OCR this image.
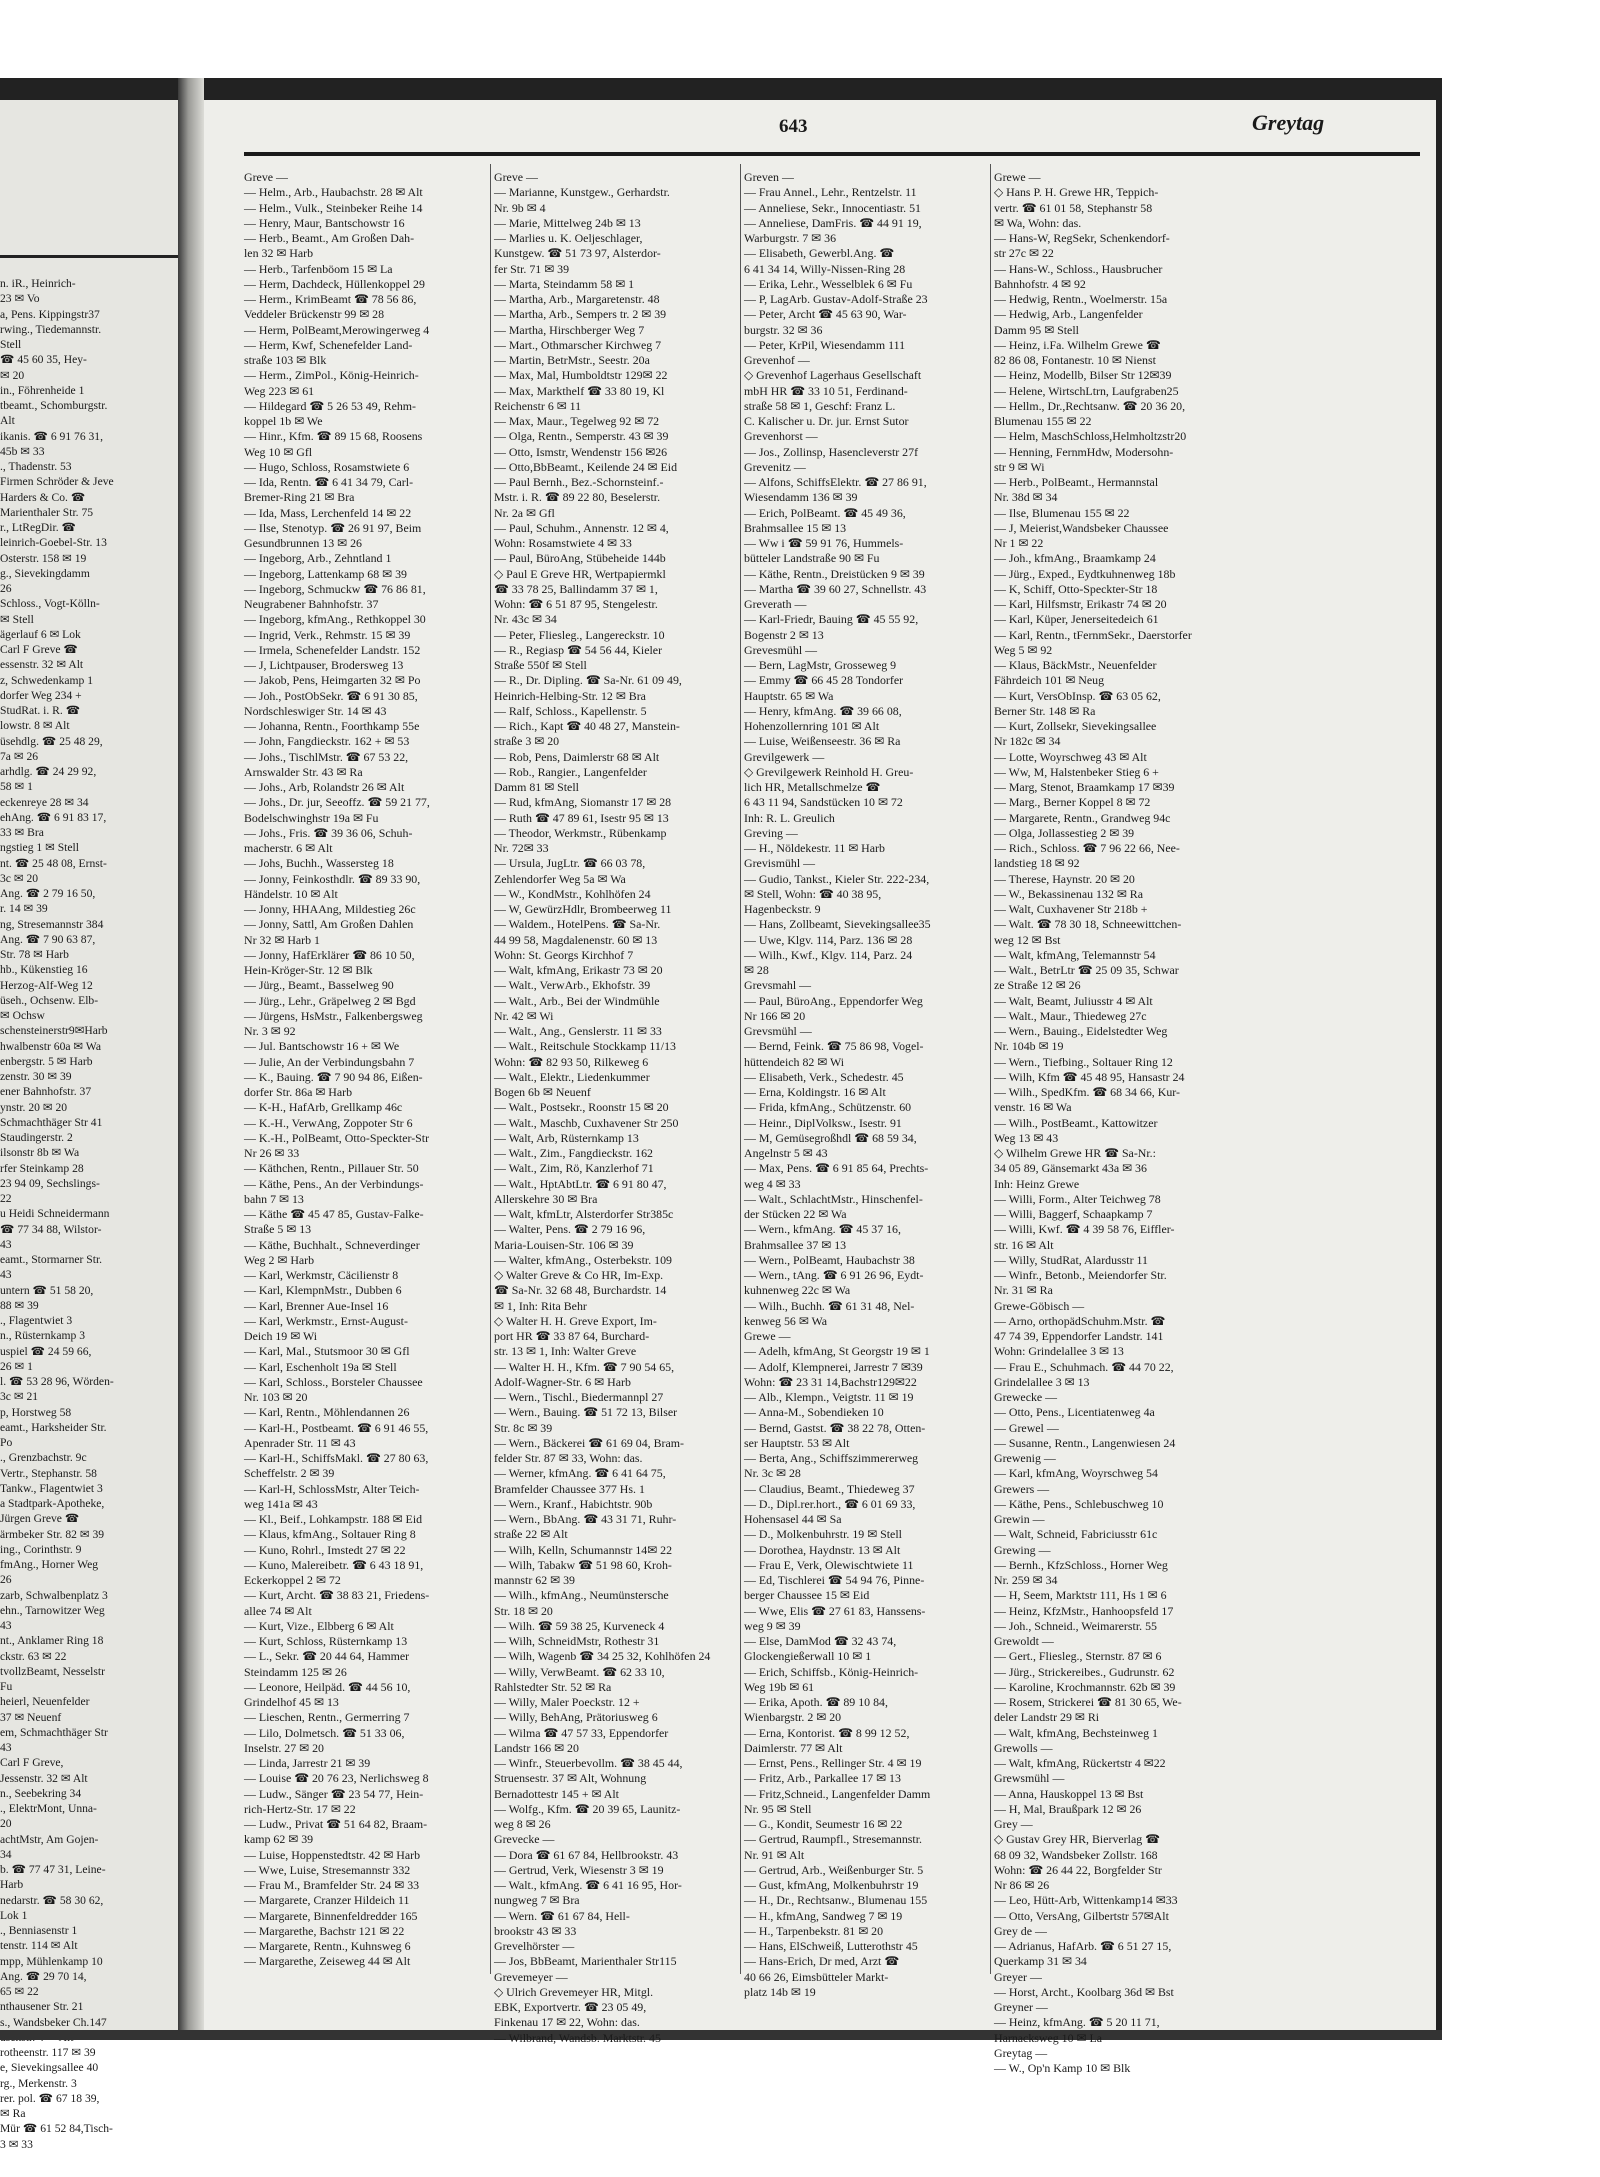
n. iR., Heinrich-
23 ✉ Vo
a, Pens. Kippingstr37
rwing., Tiedemannstr.
Stell
☎ 45 60 35, Hey-
✉ 20
in., Föhrenheide 1
tbeamt., Schomburgstr.
Alt
ikanis. ☎ 6 91 76 31,
45b ✉ 33
., Thadenstr. 53
Firmen Schröder & Jeve
Harders & Co. ☎
Marienthaler Str. 75
r., LtRegDir. ☎
leinrich-Goebel-Str. 13
Osterstr. 158 ✉ 19
g., Sievekingdamm
26
Schloss., Vogt-Kölln-
✉ Stell
ägerlauf 6 ✉ Lok
Carl F Greve ☎
essenstr. 32 ✉ Alt
z, Schwedenkamp 1
dorfer Weg 234 +
StudRat. i. R. ☎
lowstr. 8 ✉ Alt
üsehdlg. ☎ 25 48 29,
7a ✉ 26
arhdlg. ☎ 24 29 92,
58 ✉ 1
eckenreye 28 ✉ 34
ehAng. ☎ 6 91 83 17,
33 ✉ Bra
ngstieg 1 ✉ Stell
nt. ☎ 25 48 08, Ernst-
3c ✉ 20
Ang. ☎ 2 79 16 50,
r. 14 ✉ 39
ng, Stresemannstr 384
Ang. ☎ 7 90 63 87,
Str. 78 ✉ Harb
hb., Kükenstieg 16
Herzog-Alf-Weg 12
üseh., Ochsenw. Elb-
✉ Ochsw
schensteinerstr9✉Harb
hwalbenstr 60a ✉ Wa
enbergstr. 5 ✉ Harb
zenstr. 30 ✉ 39
ener Bahnhofstr. 37
ynstr. 20 ✉ 20
Schmachthäger Str 41
Staudingerstr. 2
ilsonstr 8b ✉ Wa
rfer Steinkamp 28
23 94 09, Sechslings-
22
u Heidi Schneidermann
☎ 77 34 88, Wilstor-
43
eamt., Stormarner Str.
43
untern ☎ 51 58 20,
88 ✉ 39
., Flagentwiet 3
n., Rüsternkamp 3
uspiel ☎ 24 59 66,
26 ✉ 1
l. ☎ 53 28 96, Wörden-
3c ✉ 21
p, Horstweg 58
eamt., Harksheider Str.
Po
., Grenzbachstr. 9c
Vertr., Stephanstr. 58
Tankw., Flagentwiet 3
a Stadtpark-Apotheke,
Jürgen Greve ☎
ärmbeker Str. 82 ✉ 39
ing., Corinthstr. 9
fmAng., Horner Weg
26
zarb, Schwalbenplatz 3
ehn., Tarnowitzer Weg
43
nt., Anklamer Ring 18
ckstr. 63 ✉ 22
tvollzBeamt, Nesselstr
Fu
heierl, Neuenfelder
37 ✉ Neuenf
em, Schmachthäger Str
43
Carl F Greve,
Jessenstr. 32 ✉ Alt
n., Seebekring 34
., ElektrMont, Unna-
20
achtMstr, Am Gojen-
34
b. ☎ 77 47 31, Leine-
Harb
nedarstr. ☎ 58 30 62,
Lok 1
., Benniasenstr 1
tenstr. 114 ✉ Alt
mpp, Mühlenkamp 10
Ang. ☎ 29 70 14,
65 ✉ 22
nthausener Str. 21
s., Wandsbeker Ch.147
rotheenstr. 117 ✉ 39
e, Sievekingsallee 40
rg., Merkenstr. 3
rer. pol. ☎ 67 18 39,
✉ Ra
Mür ☎ 61 52 84,Tisch-
3 ✉ 33
643	Greytag
Greve —
— Helm., Arb., Haubachstr. 28 ✉ Alt
— Helm., Vulk., Steinbeker Reihe 14
— Henry, Maur, Bantschowstr 16
— Herb., Beamt., Am Großen Dah-
len 32 ✉ Harb
— Herb., Tarfenböom 15 ✉ La
— Herm, Dachdeck, Hüllenkoppel 29
— Herm., KrimBeamt ☎ 78 56 86,
Veddeler Brückenstr 99 ✉ 28
— Herm, PolBeamt,Merowingerweg 4
— Herm, Kwf, Schenefelder Land-
straße 103 ✉ Blk
— Herm., ZimPol., König-Heinrich-
Weg 223 ✉ 61
— Hildegard ☎ 5 26 53 49, Rehm-
koppel 1b ✉ We
— Hinr., Kfm. ☎ 89 15 68, Roosens
Weg 10 ✉ Gfl
— Hugo, Schloss, Rosamstwiete 6
— Ida, Rentn. ☎ 6 41 34 79, Carl-
Bremer-Ring 21 ✉ Bra
— Ida, Mass, Lerchenfeld 14 ✉ 22
— Ilse, Stenotyp. ☎ 26 91 97, Beim
Gesundbrunnen 13 ✉ 26
— Ingeborg, Arb., Zehntland 1
— Ingeborg, Lattenkamp 68 ✉ 39
— Ingeborg, Schmuckw ☎ 76 86 81,
Neugrabener Bahnhofstr. 37
— Ingeborg, kfmAng., Rethkoppel 30
— Ingrid, Verk., Rehmstr. 15 ✉ 39
— Irmela, Schenefelder Landstr. 152
— J, Lichtpauser, Brodersweg 13
— Jakob, Pens, Heimgarten 32 ✉ Po
— Joh., PostObSekr. ☎ 6 91 30 85,
Nordschleswiger Str. 14 ✉ 43
— Johanna, Rentn., Foorthkamp 55e
— John, Fangdieckstr. 162 + ✉ 53
— Johs., TischlMstr. ☎ 67 53 22,
Arnswalder Str. 43 ✉ Ra
— Johs., Arb, Rolandstr 26 ✉ Alt
— Johs., Dr. jur, Seeoffz. ☎ 59 21 77,
Bodelschwinghstr 19a ✉ Fu
— Johs., Fris. ☎ 39 36 06, Schuh-
macherstr. 6 ✉ Alt
— Johs, Buchh., Wassersteg 18
— Jonny, Feinkosthdlr. ☎ 89 33 90,
Händelstr. 10 ✉ Alt
— Jonny, HHAAng, Mildestieg 26c
— Jonny, Sattl, Am Großen Dahlen
Nr 32 ✉ Harb 1
— Jonny, HafErklärer ☎ 86 10 50,
Hein-Kröger-Str. 12 ✉ Blk
— Jürg., Beamt., Basselweg 90
— Jürg., Lehr., Gräpelweg 2 ✉ Bgd
— Jürgens, HsMstr., Falkenbergsweg
Nr. 3 ✉ 92
— Jul. Bantschowstr 16 + ✉ We
— Julie, An der Verbindungsbahn 7
— K., Bauing. ☎ 7 90 94 86, Eißen-
dorfer Str. 86a ✉ Harb
— K-H., HafArb, Grellkamp 46c
— K.-H., VerwAng, Zoppoter Str 6
— K.-H., PolBeamt, Otto-Speckter-Str
Nr 26 ✉ 33
— Käthchen, Rentn., Pillauer Str. 50
— Käthe, Pens., An der Verbindungs-
bahn 7 ✉ 13
— Käthe ☎ 45 47 85, Gustav-Falke-
Straße 5 ✉ 13
— Käthe, Buchhalt., Schneverdinger
Weg 2 ✉ Harb
— Karl, Werkmstr, Cäcilienstr 8
— Karl, KlempnMstr., Dubben 6
— Karl, Brenner Aue-Insel 16
— Karl, Werkmstr., Ernst-August-
Deich 19 ✉ Wi
— Karl, Mal., Stutsmoor 30 ✉ Gfl
— Karl, Eschenholt 19a ✉ Stell
— Karl, Schloss., Borsteler Chaussee
Nr. 103 ✉ 20
— Karl, Rentn., Möhlendannen 26
— Karl-H., Postbeamt. ☎ 6 91 46 55,
Apenrader Str. 11 ✉ 43
— Karl-H., SchiffsMakl. ☎ 27 80 63,
Scheffelstr. 2 ✉ 39
— Karl-H, SchlossMstr, Alter Teich-
weg 141a ✉ 43
— Kl., Beif., Lohkampstr. 188 ✉ Eid
— Klaus, kfmAng., Soltauer Ring 8
— Kuno, Rohrl., Imstedt 27 ✉ 22
— Kuno, Malereibetr. ☎ 6 43 18 91,
Eckerkoppel 2 ✉ 72
— Kurt, Archt. ☎ 38 83 21, Friedens-
allee 74 ✉ Alt
— Kurt, Vize., Elbberg 6 ✉ Alt
— Kurt, Schloss, Rüsternkamp 13
— L., Sekr. ☎ 20 44 64, Hammer
Steindamm 125 ✉ 26
— Leonore, Heilpäd. ☎ 44 56 10,
Grindelhof 45 ✉ 13
— Lieschen, Rentn., Germerring 7
— Lilo, Dolmetsch. ☎ 51 33 06,
Inselstr. 27 ✉ 20
— Linda, Jarrestr 21 ✉ 39
— Louise ☎ 20 76 23, Nerlichsweg 8
— Ludw., Sänger ☎ 23 54 77, Hein-
rich-Hertz-Str. 17 ✉ 22
— Ludw., Privat ☎ 51 64 82, Braam-
kamp 62 ✉ 39
— Luise, Hoppenstedtstr. 42 ✉ Harb
— Wwe, Luise, Stresemannstr 332
— Frau M., Bramfelder Str. 24 ✉ 33
— Margarete, Cranzer Hildeich 11
— Margarete, Binnenfeldredder 165
— Margarethe, Bachstr 121 ✉ 22
— Margarete, Rentn., Kuhnsweg 6
— Margarethe, Zeiseweg 44 ✉ Alt
Greve —
— Marianne, Kunstgew., Gerhardstr.
Nr. 9b ✉ 4
— Marie, Mittelweg 24b ✉ 13
— Marlies u. K. Oeljeschlager,
Kunstgew. ☎ 51 73 97, Alsterdor-
fer Str. 71 ✉ 39
— Marta, Steindamm 58 ✉ 1
— Martha, Arb., Margaretenstr. 48
— Martha, Arb., Sempers tr. 2 ✉ 39
— Martha, Hirschberger Weg 7
— Mart., Othmarscher Kirchweg 7
— Martin, BetrMstr., Seestr. 20a
— Max, Mal, Humboldtstr 129✉ 22
— Max, Markthelf ☎ 33 80 19, Kl
Reichenstr 6 ✉ 11
— Max, Maur., Tegelweg 92 ✉ 72
— Olga, Rentn., Semperstr. 43 ✉ 39
— Otto, Ismstr, Wendenstr 156 ✉26
— Otto,BbBeamt., Keilende 24 ✉ Eid
— Paul Bernh., Bez.-Schornsteinf.-
Mstr. i. R. ☎ 89 22 80, Beselerstr.
Nr. 2a ✉ Gfl
— Paul, Schuhm., Annenstr. 12 ✉ 4,
Wohn: Rosamstwiete 4 ✉ 33
— Paul, BüroAng, Stübeheide 144b
◇ Paul E Greve HR, Wertpapiermkl
☎ 33 78 25, Ballindamm 37 ✉ 1,
Wohn: ☎ 6 51 87 95, Stengelestr.
Nr. 43c ✉ 34
— Peter, Fliesleg., Langereckstr. 10
— R., Regiasp ☎ 54 56 44, Kieler
Straße 550f ✉ Stell
— R., Dr. Dipling. ☎ Sa-Nr. 61 09 49,
Heinrich-Helbing-Str. 12 ✉ Bra
— Ralf, Schloss., Kapellenstr. 5
— Rich., Kapt ☎ 40 48 27, Manstein-
straße 3 ✉ 20
— Rob, Pens, Daimlerstr 68 ✉ Alt
— Rob., Rangier., Langenfelder
Damm 81 ✉ Stell
— Rud, kfmAng, Siomanstr 17 ✉ 28
— Ruth ☎ 47 89 61, Isestr 95 ✉ 13
— Theodor, Werkmstr., Rübenkamp
Nr. 72✉ 33
— Ursula, JugLtr. ☎ 66 03 78,
Zehlendorfer Weg 5a ✉ Wa
— W., KondMstr., Kohlhöfen 24
— W, GewürzHdlr, Brombeerweg 11
— Waldem., HotelPens. ☎ Sa-Nr.
44 99 58, Magdalenenstr. 60 ✉ 13
Wohn: St. Georgs Kirchhof 7
— Walt, kfmAng, Erikastr 73 ✉ 20
— Walt., VerwArb., Ekhofstr. 39
— Walt., Arb., Bei der Windmühle
Nr. 42 ✉ Wi
— Walt., Ang., Genslerstr. 11 ✉ 33
— Walt., Reitschule Stockkamp 11/13
Wohn: ☎ 82 93 50, Rilkeweg 6
— Walt., Elektr., Liedenkummer
Bogen 6b ✉ Neuenf
— Walt., Postsekr., Roonstr 15 ✉ 20
— Walt., Maschb, Cuxhavener Str 250
— Walt, Arb, Rüsternkamp 13
— Walt., Zim., Fangdieckstr. 162
— Walt., Zim, Rö, Kanzlerhof 71
— Walt., HptAbtLtr. ☎ 6 91 80 47,
Allerskehre 30 ✉ Bra
— Walt, kfmLtr, Alsterdorfer Str385c
— Walter, Pens. ☎ 2 79 16 96,
Maria-Louisen-Str. 106 ✉ 39
— Walter, kfmAng., Osterbekstr. 109
◇ Walter Greve & Co HR, Im-Exp.
☎ Sa-Nr. 32 68 48, Burchardstr. 14
✉ 1, Inh: Rita Behr
◇ Walter H. H. Greve Export, Im-
port HR ☎ 33 87 64, Burchard-
str. 13 ✉ 1, Inh: Walter Greve
— Walter H. H., Kfm. ☎ 7 90 54 65,
Adolf-Wagner-Str. 6 ✉ Harb
— Wern., Tischl., Biedermannpl 27
— Wern., Bauing. ☎ 51 72 13, Bilser
Str. 8c ✉ 39
— Wern., Bäckerei ☎ 61 69 04, Bram-
felder Str. 87 ✉ 33, Wohn: das.
— Werner, kfmAng. ☎ 6 41 64 75,
Bramfelder Chaussee 377 Hs. 1
— Wern., Kranf., Habichtstr. 90b
— Wern., BbAng. ☎ 43 31 71, Ruhr-
straße 22 ✉ Alt
— Wilh, Kelln, Schumannstr 14✉ 22
— Wilh, Tabakw ☎ 51 98 60, Kroh-
mannstr 62 ✉ 39
— Wilh., kfmAng., Neumünstersche
Str. 18 ✉ 20
— Wilh. ☎ 59 38 25, Kurveneck 4
— Wilh, SchneidMstr, Rothestr 31
— Wilh, Wagenb ☎ 34 25 32, Kohlhöfen 24
— Willy, VerwBeamt. ☎ 62 33 10,
Rahlstedter Str. 52 ✉ Ra
— Willy, Maler Poeckstr. 12 +
— Willy, BehAng, Prätoriusweg 6
— Wilma ☎ 47 57 33, Eppendorfer
Landstr 166 ✉ 20
— Winfr., Steuerbevollm. ☎ 38 45 44,
Struensestr. 37 ✉ Alt, Wohnung
Bernadottestr 145 + ✉ Alt
— Wolfg., Kfm. ☎ 20 39 65, Launitz-
weg 8 ✉ 26
Grevecke —
— Dora ☎ 61 67 84, Hellbrookstr. 43
— Gertrud, Verk, Wiesenstr 3 ✉ 19
— Walt., kfmAng. ☎ 6 41 16 95, Hor-
nungweg 7 ✉ Bra
— Wern. ☎ 61 67 84, Hell-
brookstr 43 ✉ 33
Grevelhörster —
— Jos, BbBeamt, Marienthaler Str115
Grevemeyer —
◇ Ulrich Grevemeyer HR, Mitgl.
EBK, Exportvertr. ☎ 23 05 49,
Finkenau 17 ✉ 22, Wohn: das.
— Wilbrand, Wandsb. Marktstr. 45
Greven —
— Frau Annel., Lehr., Rentzelstr. 11
— Anneliese, Sekr., Innocentiastr. 51
— Anneliese, DamFris. ☎ 44 91 19,
Warburgstr. 7 ✉ 36
— Elisabeth, Gewerbl.Ang. ☎
6 41 34 14, Willy-Nissen-Ring 28
— Erika, Lehr., Wesselblek 6 ✉ Fu
— P, LagArb. Gustav-Adolf-Straße 23
— Peter, Archt ☎ 45 63 90, War-
burgstr. 32 ✉ 36
— Peter, KrPil, Wiesendamm 111
Grevenhof —
◇ Grevenhof Lagerhaus Gesellschaft
mbH HR ☎ 33 10 51, Ferdinand-
straße 58 ✉ 1, Geschf: Franz L.
C. Kalischer u. Dr. jur. Ernst Sutor
Grevenhorst —
— Jos., Zollinsp, Hasencleverstr 27f
Grevenitz —
— Alfons, SchiffsElektr. ☎ 27 86 91,
Wiesendamm 136 ✉ 39
— Erich, PolBeamt. ☎ 45 49 36,
Brahmsallee 15 ✉ 13
— Ww i ☎ 59 91 76, Hummels-
bütteler Landstraße 90 ✉ Fu
— Käthe, Rentn., Dreistücken 9 ✉ 39
— Martha ☎ 39 60 27, Schnellstr. 43
Greverath —
— Karl-Friedr, Bauing ☎ 45 55 92,
Bogenstr 2 ✉ 13
Grevesmühl —
— Bern, LagMstr, Grosseweg 9
— Emmy ☎ 66 45 28 Tondorfer
Hauptstr. 65 ✉ Wa
— Henry, kfmAng. ☎ 39 66 08,
Hohenzollernring 101 ✉ Alt
— Luise, Weißenseestr. 36 ✉ Ra
Grevilgewerk —
◇ Grevilgewerk Reinhold H. Greu-
lich HR, Metallschmelze ☎
6 43 11 94, Sandstücken 10 ✉ 72
Inh: R. L. Greulich
Greving —
— H., Nöldekestr. 11 ✉ Harb
Grevismühl —
— Gudio, Tankst., Kieler Str. 222-234,
✉ Stell, Wohn: ☎ 40 38 95,
Hagenbeckstr. 9
— Hans, Zollbeamt, Sievekingsallee35
— Uwe, Klgv. 114, Parz. 136 ✉ 28
— Wilh., Kwf., Klgv. 114, Parz. 24
✉ 28
Grevsmahl —
— Paul, BüroAng., Eppendorfer Weg
Nr 166 ✉ 20
Grevsmühl —
— Bernd, Feink. ☎ 75 86 98, Vogel-
hüttendeich 82 ✉ Wi
— Elisabeth, Verk., Schedestr. 45
— Erna, Koldingstr. 16 ✉ Alt
— Frida, kfmAng., Schützenstr. 60
— Heinr., DiplVolksw., Isestr. 91
— M, Gemüsegroßhdl ☎ 68 59 34,
Angelnstr 5 ✉ 43
— Max, Pens. ☎ 6 91 85 64, Prechts-
weg 4 ✉ 33
— Walt., SchlachtMstr., Hinschenfel-
der Stücken 22 ✉ Wa
— Wern., kfmAng. ☎ 45 37 16,
Brahmsallee 37 ✉ 13
— Wern., PolBeamt, Haubachstr 38
— Wern., tAng. ☎ 6 91 26 96, Eydt-
kuhnenweg 22c ✉ Wa
— Wilh., Buchh. ☎ 61 31 48, Nel-
kenweg 56 ✉ Wa
Grewe —
— Adelh, kfmAng, St Georgstr 19 ✉ 1
— Adolf, Klempnerei, Jarrestr 7 ✉39
Wohn: ☎ 23 31 14,Bachstr129✉22
— Alb., Klempn., Veigtstr. 11 ✉ 19
— Anna-M., Sobendieken 10
— Bernd, Gastst. ☎ 38 22 78, Otten-
ser Hauptstr. 53 ✉ Alt
— Berta, Ang., Schiffszimmererweg
Nr. 3c ✉ 28
— Claudius, Beamt., Thiedeweg 37
— D., Dipl.rer.hort., ☎ 6 01 69 33,
Hohensasel 44 ✉ Sa
— D., Molkenbuhrstr. 19 ✉ Stell
— Dorothea, Haydnstr. 13 ✉ Alt
— Frau E, Verk, Olewischtwiete 11
— Ed, Tischlerei ☎ 54 94 76, Pinne-
berger Chaussee 15 ✉ Eid
— Wwe, Elis ☎ 27 61 83, Hanssens-
weg 9 ✉ 39
— Else, DamMod ☎ 32 43 74,
Glockengießerwall 10 ✉ 1
— Erich, Schiffsb., König-Heinrich-
Weg 19b ✉ 61
— Erika, Apoth. ☎ 89 10 84,
Wienbargstr. 2 ✉ 20
— Erna, Kontorist. ☎ 8 99 12 52,
Daimlerstr. 77 ✉ Alt
— Ernst, Pens., Rellinger Str. 4 ✉ 19
— Fritz, Arb., Parkallee 17 ✉ 13
— Fritz,Schneid., Langenfelder Damm
Nr. 95 ✉ Stell
— G., Kondit, Seumestr 16 ✉ 22
— Gertrud, Raumpfl., Stresemannstr.
Nr. 91 ✉ Alt
— Gertrud, Arb., Weißenburger Str. 5
— Gust, kfmAng, Molkenbuhrstr 19
— H., Dr., Rechtsanw., Blumenau 155
— H., kfmAng, Sandweg 7 ✉ 19
— H., Tarpenbekstr. 81 ✉ 20
— Hans, ElSchweiß, Lutterothstr 45
— Hans-Erich, Dr med, Arzt ☎
40 66 26, Eimsbütteler Markt-
platz 14b ✉ 19
Grewe —
◇ Hans P. H. Grewe HR, Teppich-
vertr. ☎ 61 01 58, Stephanstr 58
✉ Wa, Wohn: das.
— Hans-W, RegSekr, Schenkendorf-
str 27c ✉ 22
— Hans-W., Schloss., Hausbrucher
Bahnhofstr. 4 ✉ 92
— Hedwig, Rentn., Woelmerstr. 15a
— Hedwig, Arb., Langenfelder
Damm 95 ✉ Stell
— Heinz, i.Fa. Wilhelm Grewe ☎
82 86 08, Fontanestr. 10 ✉ Nienst
— Heinz, Modellb, Bilser Str 12✉39
— Helene, WirtschLtrn, Laufgraben25
— Hellm., Dr.,Rechtsanw. ☎ 20 36 20,
Blumenau 155 ✉ 22
— Helm, MaschSchloss,Helmholtzstr20
— Henning, FernmHdw, Modersohn-
str 9 ✉ Wi
— Herb., PolBeamt., Hermannstal
Nr. 38d ✉ 34
— Ilse, Blumenau 155 ✉ 22
— J, Meierist,Wandsbeker Chaussee
Nr 1 ✉ 22
— Joh., kfmAng., Braamkamp 24
— Jürg., Exped., Eydtkuhnenweg 18b
— K, Schiff, Otto-Speckter-Str 18
— Karl, Hilfsmstr, Erikastr 74 ✉ 20
— Karl, Küper, Jenerseitedeich 61
— Karl, Rentn., tFernmSekr., Daerstorfer
Weg 5 ✉ 92
— Klaus, BäckMstr., Neuenfelder
Fährdeich 101 ✉ Neug
— Kurt, VersObInsp. ☎ 63 05 62,
Berner Str. 148 ✉ Ra
— Kurt, Zollsekr, Sievekingsallee
Nr 182c ✉ 34
— Lotte, Woyrschweg 43 ✉ Alt
— Ww, M, Halstenbeker Stieg 6 +
— Marg, Stenot, Braamkamp 17 ✉39
— Marg., Berner Koppel 8 ✉ 72
— Margarete, Rentn., Grandweg 94c
— Olga, Jollassestieg 2 ✉ 39
— Rich., Schloss. ☎ 7 96 22 66, Nee-
landstieg 18 ✉ 92
— Therese, Haynstr. 20 ✉ 20
— W., Bekassinenau 132 ✉ Ra
— Walt, Cuxhavener Str 218b +
— Walt. ☎ 78 30 18, Schneewittchen-
weg 12 ✉ Bst
— Walt, kfmAng, Telemannstr 54
— Walt., BetrLtr ☎ 25 09 35, Schwar
ze Straße 12 ✉ 26
— Walt, Beamt, Juliusstr 4 ✉ Alt
— Walt., Maur., Thiedeweg 27c
— Wern., Bauing., Eidelstedter Weg
Nr. 104b ✉ 19
— Wern., Tiefbing., Soltauer Ring 12
— Wilh, Kfm ☎ 45 48 95, Hansastr 24
— Wilh., SpedKfm. ☎ 68 34 66, Kur-
venstr. 16 ✉ Wa
— Wilh., PostBeamt., Kattowitzer
Weg 13 ✉ 43
◇ Wilhelm Grewe HR ☎ Sa-Nr.:
34 05 89, Gänsemarkt 43a ✉ 36
Inh: Heinz Grewe
— Willi, Form., Alter Teichweg 78
— Willi, Baggerf, Schaapkamp 7
— Willi, Kwf. ☎ 4 39 58 76, Eiffler-
str. 16 ✉ Alt
— Willy, StudRat, Alardusstr 11
— Winfr., Betonb., Meiendorfer Str.
Nr. 31 ✉ Ra
Grewe-Göbisch —
— Arno, orthopädSchuhm.Mstr. ☎
47 74 39, Eppendorfer Landstr. 141
Wohn: Grindelallee 3 ✉ 13
— Frau E., Schuhmach. ☎ 44 70 22,
Grindelallee 3 ✉ 13
Grewecke —
— Otto, Pens., Licentiatenweg 4a
— Grewel —
— Susanne, Rentn., Langenwiesen 24
Grewenig —
— Karl, kfmAng, Woyrschweg 54
Grewers —
— Käthe, Pens., Schlebuschweg 10
Grewin —
— Walt, Schneid, Fabriciusstr 61c
Grewing —
— Bernh., KfzSchloss., Horner Weg
Nr. 259 ✉ 34
— H, Seem, Marktstr 111, Hs 1 ✉ 6
— Heinz, KfzMstr., Hanhoopsfeld 17
— Joh., Schneid., Weimarerstr. 55
Grewoldt —
— Gert., Fliesleg., Sternstr. 87 ✉ 6
— Jürg., Strickereibes., Gudrunstr. 62
— Karoline, Krochmannstr. 62b ✉ 39
— Rosem, Strickerei ☎ 81 30 65, We-
deler Landstr 29 ✉ Ri
— Walt, kfmAng, Bechsteinweg 1
Grewolls —
— Walt, kfmAng, Rückertstr 4 ✉22
Grewsmühl —
— Anna, Hauskoppel 13 ✉ Bst
— H, Mal, Braußpark 12 ✉ 26
Grey —
◇ Gustav Grey HR, Bierverlag ☎
68 09 32, Wandsbeker Zollstr. 168
Wohn: ☎ 26 44 22, Borgfelder Str
Nr 86 ✉ 26
— Leo, Hütt-Arb, Wittenkamp14 ✉33
— Otto, VersAng, Gilbertstr 57✉Alt
Grey de —
— Adrianus, HafArb. ☎ 6 51 27 15,
Querkamp 31 ✉ 34
Greyer —
— Horst, Archt., Koolbarg 36d ✉ Bst
Greyner —
— Heinz, kfmAng. ☎ 5 20 11 71,
Harnacksweg 10 ✉ La
Greytag —
— W., Op'n Kamp 10 ✉ Blk
